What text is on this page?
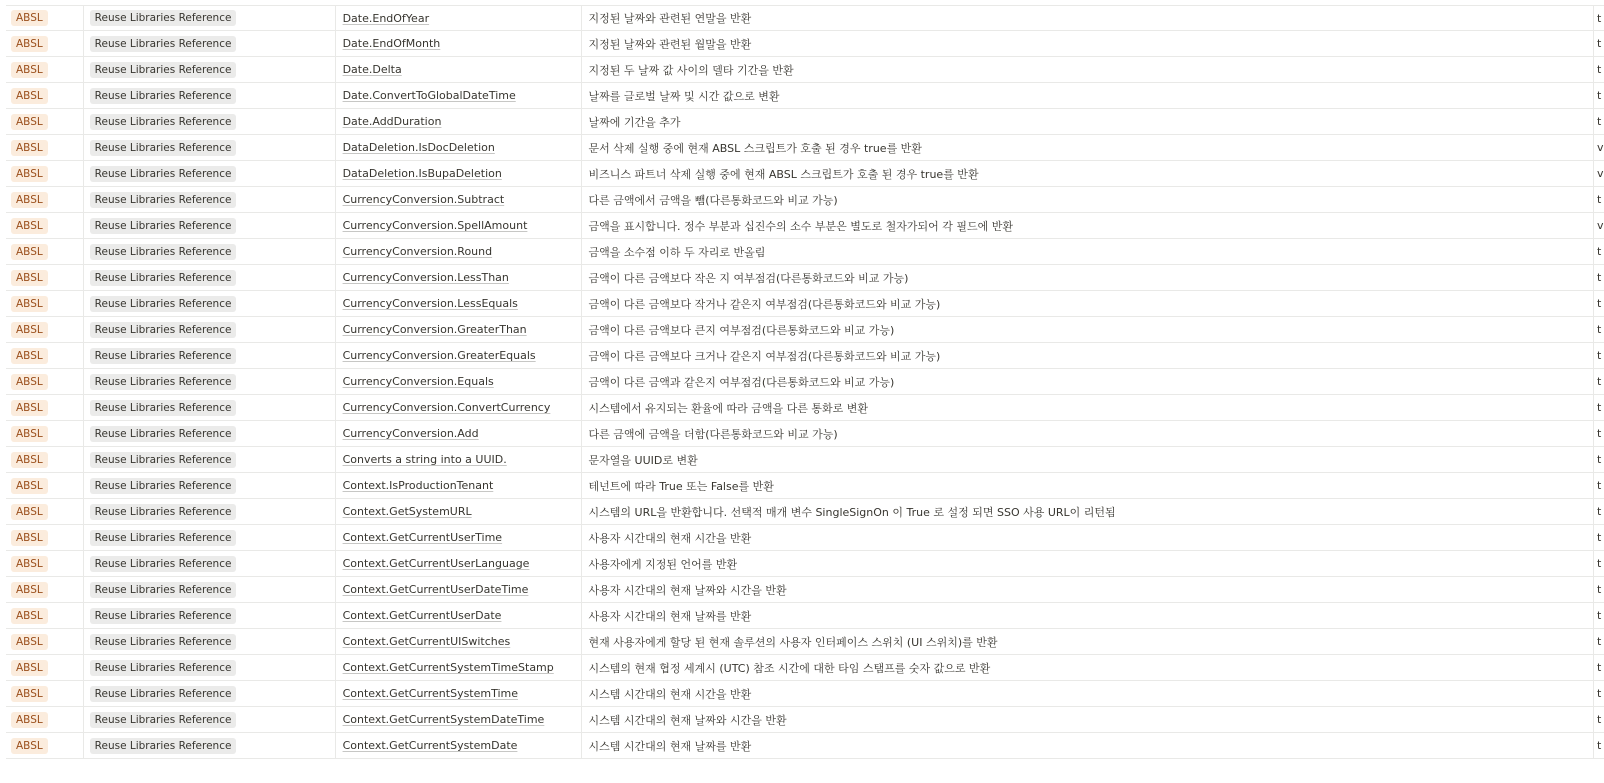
ABSL	Reuse Libraries Reference	Date.EndOfYear	지정된 날짜와 관련된 연말을 반환	t
ABSL	Reuse Libraries Reference	Date.EndOfMonth	지정된 날짜와 관련된 월말을 반환	t
ABSL	Reuse Libraries Reference	Date.Delta	지정된 두 날짜 값 사이의 델타 기간을 반환	t
ABSL	Reuse Libraries Reference	Date.ConvertToGlobalDateTime	날짜를 글로벌 날짜 및 시간 값으로 변환	t
ABSL	Reuse Libraries Reference	Date.AddDuration	날짜에 기간을 추가	t
ABSL	Reuse Libraries Reference	DataDeletion.IsDocDeletion	문서 삭제 실행 중에 현재 ABSL 스크립트가 호출 된 경우 true를 반환	v
ABSL	Reuse Libraries Reference	DataDeletion.IsBupaDeletion	비즈니스 파트너 삭제 실행 중에 현재 ABSL 스크립트가 호출 된 경우 true를 반환	v
ABSL	Reuse Libraries Reference	CurrencyConversion.Subtract	다른 금액에서 금액을 뺌(다른통화코드와 비교 가능)	t
ABSL	Reuse Libraries Reference	CurrencyConversion.SpellAmount	금액을 표시합니다. 정수 부분과 십진수의 소수 부분은 별도로 철자가되어 각 필드에 반환	v
ABSL	Reuse Libraries Reference	CurrencyConversion.Round	금액을 소수점 이하 두 자리로 반올림	t
ABSL	Reuse Libraries Reference	CurrencyConversion.LessThan	금액이 다른 금액보다 작은 지 여부점검(다른통화코드와 비교 가능)	t
ABSL	Reuse Libraries Reference	CurrencyConversion.LessEquals	금액이 다른 금액보다 작거나 같은지 여부점검(다른통화코드와 비교 가능)	t
ABSL	Reuse Libraries Reference	CurrencyConversion.GreaterThan	금액이 다른 금액보다 큰지 여부점검(다른통화코드와 비교 가능)	t
ABSL	Reuse Libraries Reference	CurrencyConversion.GreaterEquals	금액이 다른 금액보다 크거나 같은지 여부점검(다른통화코드와 비교 가능)	t
ABSL	Reuse Libraries Reference	CurrencyConversion.Equals	금액이 다른 금액과 같은지 여부점검(다른통화코드와 비교 가능)	t
ABSL	Reuse Libraries Reference	CurrencyConversion.ConvertCurrency	시스템에서 유지되는 환율에 따라 금액을 다른 통화로 변환	t
ABSL	Reuse Libraries Reference	CurrencyConversion.Add	다른 금액에 금액을 더함(다른통화코드와 비교 가능)	t
ABSL	Reuse Libraries Reference	Converts a string into a UUID.	문자열을 UUID로 변환	t
ABSL	Reuse Libraries Reference	Context.IsProductionTenant	테넌트에 따라 True 또는 False를 반환	t
ABSL	Reuse Libraries Reference	Context.GetSystemURL	시스템의 URL을 반환합니다. 선택적 매개 변수 SingleSignOn 이 True 로 설정 되면 SSO 사용 URL이 리턴됨	t
ABSL	Reuse Libraries Reference	Context.GetCurrentUserTime	사용자 시간대의 현재 시간을 반환	t
ABSL	Reuse Libraries Reference	Context.GetCurrentUserLanguage	사용자에게 지정된 언어를 반환	t
ABSL	Reuse Libraries Reference	Context.GetCurrentUserDateTime	사용자 시간대의 현재 날짜와 시간을 반환	t
ABSL	Reuse Libraries Reference	Context.GetCurrentUserDate	사용자 시간대의 현재 날짜를 반환	t
ABSL	Reuse Libraries Reference	Context.GetCurrentUISwitches	현재 사용자에게 할당 된 현재 솔루션의 사용자 인터페이스 스위치 (UI 스위치)를 반환	t
ABSL	Reuse Libraries Reference	Context.GetCurrentSystemTimeStamp	시스템의 현재 협정 세계시 (UTC) 참조 시간에 대한 타임 스탬프를 숫자 값으로 반환	t
ABSL	Reuse Libraries Reference	Context.GetCurrentSystemTime	시스템 시간대의 현재 시간을 반환	t
ABSL	Reuse Libraries Reference	Context.GetCurrentSystemDateTime	시스템 시간대의 현재 날짜와 시간을 반환	t
ABSL	Reuse Libraries Reference	Context.GetCurrentSystemDate	시스템 시간대의 현재 날짜를 반환	t
